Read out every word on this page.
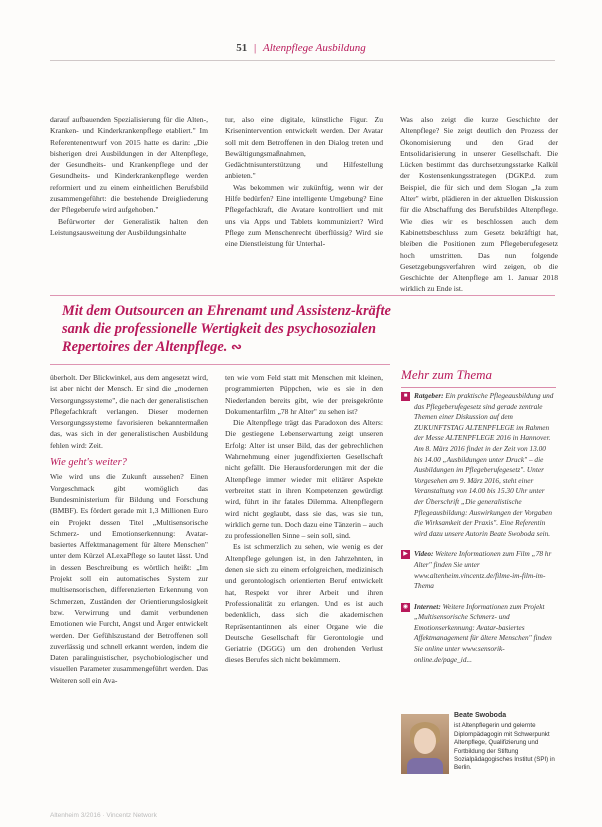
51 | Altenpflege Ausbildung

darauf aufbauenden Spezialisierung für die Alten-, Kranken- und Kinderkrankenpflege etabliert." Im Referentenentwurf von 2015 hatte es darin: „Die bisherigen drei Ausbildungen in der Altenpflege, der Gesundheits- und Krankenpflege und der Gesundheits- und Kinderkrankenpflege werden reformiert und zu einem einheitlichen Berufsbild zusammengeführt: die bestehende Dreigliederung der Pflegeberufe wird aufgehoben."

Befürworter der Generalistik halten den Leistungsausweitung der Ausbildungsinhalte

tur, also eine digitale, künstliche Figur. Zu Krisenintervention entwickelt werden. Der Avatar soll mit dem Betroffenen in den Dialog treten und Bewältigungsmaßnahmen, Gedächtnisunterstützung und Hilfestellung anbieten."

Was bekommen wir zukünftig, wenn wir der Hilfe bedürfen? Eine intelligente Umgebung? Eine Pflegefachkraft, die Avatare kontrolliert und mit uns via Apps und Tablets kommuniziert? Wird Pflege zum Menschenrecht überflüssig? Wird sie eine Dienstleistung für Unterhal-

Was also zeigt die kurze Geschichte der Altenpflege? Sie zeigt deutlich den Prozess der Ökonomisierung und den Grad der Entsolidarisierung in unserer Gesellschaft. Die Lücken bestimmt das durchsetzungsstarke Kalkül der Kostensenkungsstrategen (DGKP.d. zum Beispiel, die für sich und dem Slogan „Ja zum Alter" wirbt, plädieren in der aktuellen Diskussion für die Abschaffung des Berufsbildes Altenpflege. Wie dies wir es beschlossen auch dem Kabinettsbeschluss zum Gesetz bekräftigt hat, bleiben die Positionen zum Pflegeberufegesetz hoch umstritten. Das nun folgende Gesetzgebungsverfahren wird zeigen, ob die Geschichte der Altenpflege am 1. Januar 2018 wirklich zu Ende ist.

Mit dem Outsourcen an Ehrenamt und Assistenz-kräfte sank die professionelle Wertigkeit des psychosozialen Repertoires der Altenpflege. ∾

überholt. Der Blickwinkel, aus dem angesetzt wird, ist aber nicht der Mensch. Er sind die „modernen Versorgungssysteme", die nach der generalistischen Pflegefachkraft verlangen. Dieser modernen Versorgungssysteme favorisieren bekanntermaßen das, was sich in der generalistischen Ausbildung fehlen wird: Zeit.

Wie geht's weiter?

Wie wird uns die Zukunft aussehen? Einen Vorgeschmack gibt womöglich das Bundesministerium für Bildung und Forschung (BMBF). Es fördert gerade mit 1,3 Millionen Euro ein Projekt dessen Titel „Multisensorische Schmerz- und Emotionserkennung: Avatar-basiertes Affektmanagement für ältere Menschen" unter dem Kürzel ALexaPflege so lautet lässt. Und in dessen Beschreibung es wörtlich heißt: „Im Projekt soll ein automatisches System zur multisensorischen, differenzierten Erkennung von Schmerzen, Zuständen der Orientierungslosigkeit bzw. Verwirrung und damit verbundenen Emotionen wie Furcht, Angst und Ärger entwickelt werden. Der Gefühlszustand der Betroffenen soll zuverlässig und schnell erkannt werden, indem die Daten paralinguistischer, psychobiologischer und visuellen Parameter zusammengeführt werden. Das Weiteren soll ein Ava-

ten wie vom Feld statt mit Menschen mit kleinen, programmierten Püppchen, wie es sie in den Niederlanden bereits gibt, wie der preisgekrönte Dokumentarfilm „78 hr Alter" zu sehen ist?

Die Altenpflege trägt das Paradoxon des Alters: Die gestiegene Lebenserwartung zeigt unseren Erfolg: Alter ist unser Bild, das der gebrechlichen Wahrnehmung einer jugendfixierten Gesellschaft nicht gefällt. Die Herausforderungen mit der die Altenpflege immer wieder mit elitärer Aspekte verbreitet statt in ihren Kompetenzen gewürdigt wird, führt in ihr fatales Dilemma. Altenpflegern wird nicht geglaubt, dass sie das, was sie tun, wirklich gerne tun. Doch dazu eine Tänzerin – auch zu professionellen Sinne – sein soll, sind.

Es ist schmerzlich zu sehen, wie wenig es der Altenpflege gelungen ist, in den Jahrzehnten, in denen sie sich zu einem erfolgreichen, medizinisch und gerontologisch orientierten Beruf entwickelt hat, Respekt vor ihrer Arbeit und ihren Professionalität zu erlangen. Und es ist auch bedenklich, dass sich die akademischen Repräsentantinnen als einer Organe wie die Deutsche Gesellschaft für Gerontologie und Geriatrie (DGGG) um den drohenden Verlust dieses Berufes sich nicht bekümmern.

Mehr zum Thema
■ Ratgeber: Ein praktische Pflegeausbildung und das Pflegeberufegesetz sind gerade zentrale Themen einer Diskussion auf dem ZUKUNFTSTAG ALTENPFLEGE im Rahmen der Messe ALTENPFLEGE 2016 in Hannover. Am 8. März 2016 findet in der Zeit von 13.00 bis 14.00 „Ausbildungen unter Druck" – die Ausbildungen im Pflegeberufegesetz". Unter Vorgesehen am 9. März 2016, steht einer Veranstaltung von 14.00 bis 15.30 Uhr unter der Überschrift „Die generalistische Pflegeausbildung: Auswirkungen der Vorgaben die Wirksamkeit der Praxis". Eine Referentin wird dazu unsere Autorin Beate Swoboda sein.
▶ Video: Weitere Informationen zum Film „78 hr Alter" finden Sie unter www.altenheim.vincentz.de/filme-im-film-im-Thema
◉ Internet: Weitere Informationen zum Projekt „Multisensorische Schmerz- und Emotionserkennung: Avatar-basiertes Affektmanagement für ältere Menschen" finden Sie online unter www.sensorik-online.de/page_id...
Beate Swoboda
ist Altenpflegerin und gelernte Diplompädagogin mit Schwerpunkt Altenpflege, Qualifizierung und Fortbildung der Stiftung Sozialpädagogisches Institut (SPI) in Berlin.
Altenheim 3/2016 · Vincentz Network
